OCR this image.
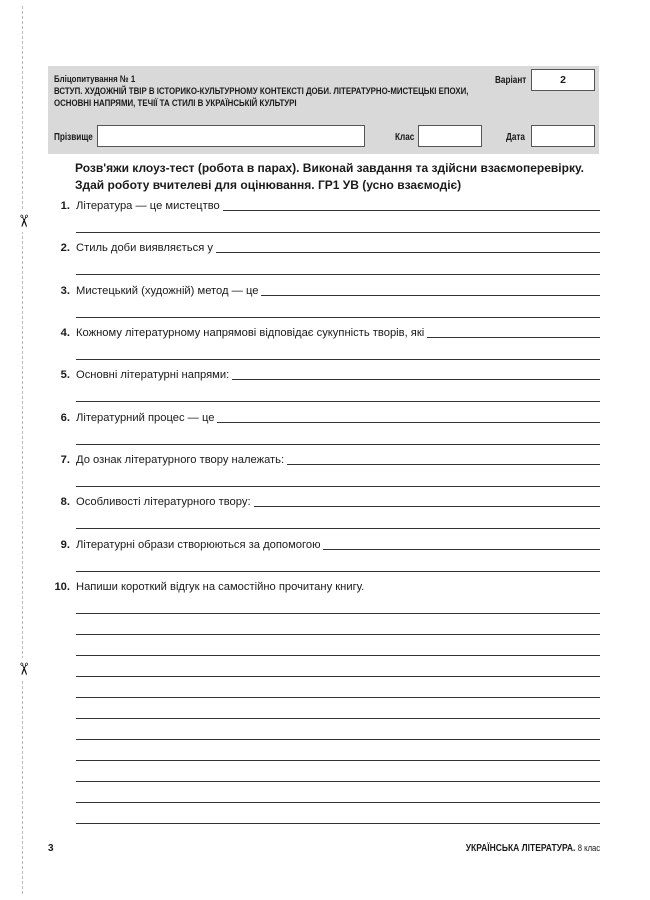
✂
✂
Бліцопитування № 1
ВСТУП. ХУДОЖНІЙ ТВІР В ІСТОРИКО-КУЛЬТУРНОМУ КОНТЕКСТІ ДОБИ. ЛІТЕРАТУРНО-МИСТЕЦЬКІ ЕПОХИ,
ОСНОВНІ НАПРЯМИ, ТЕЧІЇ ТА СТИЛІ В УКРАЇНСЬКІЙ КУЛЬТУРІ
Варіант	2
Прізвище	Клас	Дата
Розв'яжи клоуз-тест (робота в парах). Виконай завдання та здійсни взаємоперевірку.
Здай роботу вчителеві для оцінювання. ГР1 УВ (усно взаємодіє)
1. Література — це мистецтво
2. Стиль доби виявляється у
3. Мистецький (художній) метод — це
4. Кожному літературному напрямові відповідає сукупність творів, які
5. Основні літературні напрями:
6. Літературний процес — це
7. До ознак літературного твору належать:
8. Особливості літературного твору:
9. Літературні образи створюються за допомогою
10. Напиши короткий відгук на самостійно прочитану книгу.
3	УКРАЇНСЬКА ЛІТЕРАТУРА. 8 клас
